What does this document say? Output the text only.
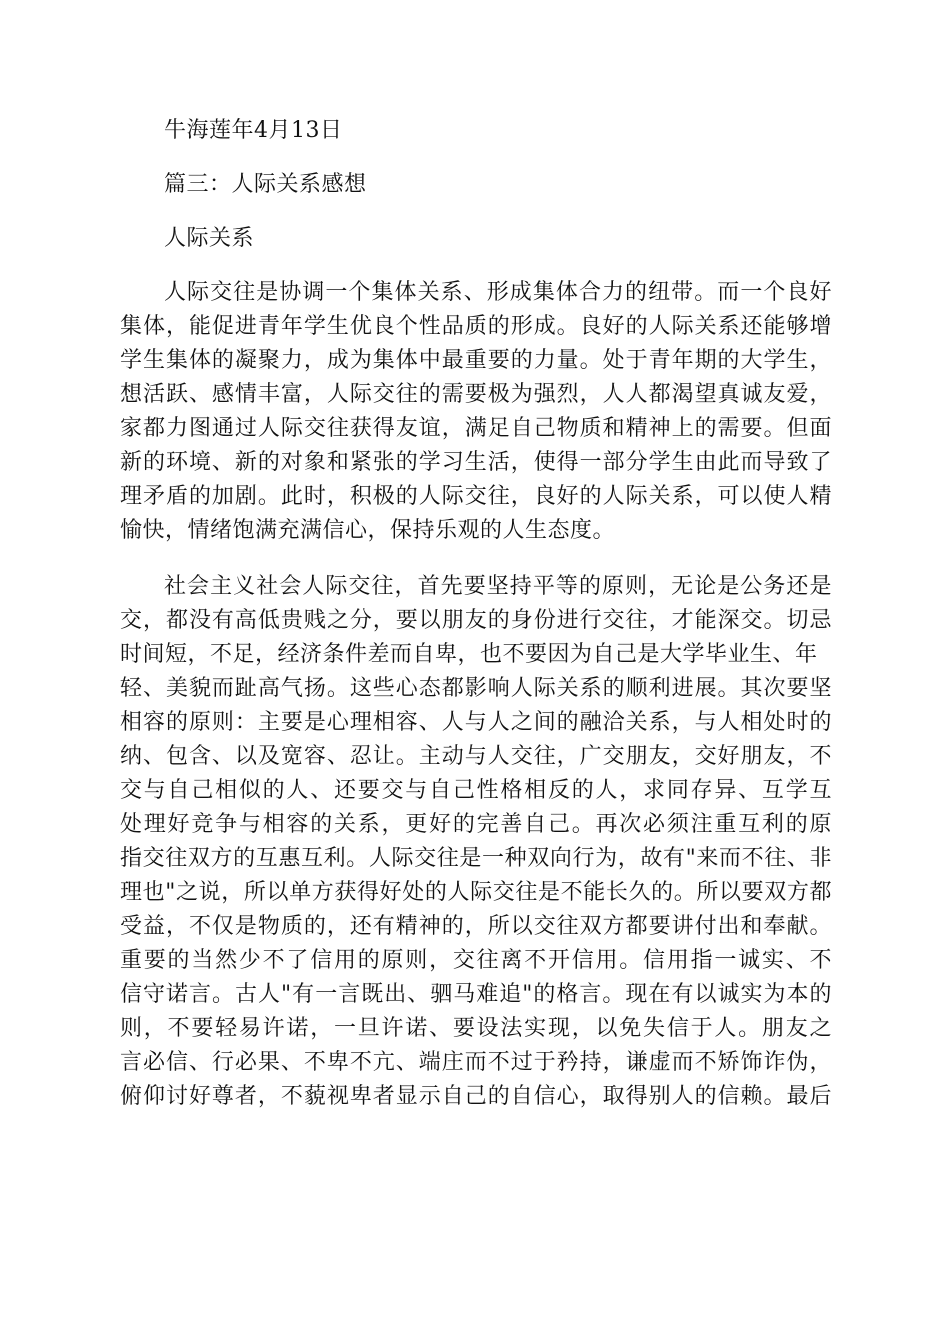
牛海莲年4月13日
篇三：人际关系感想
人际关系
人际交往是协调一个集体关系、形成集体合力的纽带。而一个良好
集体，能促进青年学生优良个性品质的形成。良好的人际关系还能够增
学生集体的凝聚力，成为集体中最重要的力量。处于青年期的大学生，
想活跃、感情丰富，人际交往的需要极为强烈，人人都渴望真诚友爱，
家都力图通过人际交往获得友谊，满足自己物质和精神上的需要。但面
新的环境、新的对象和紧张的学习生活，使得一部分学生由此而导致了
理矛盾的加剧。此时，积极的人际交往，良好的人际关系，可以使人精
愉快，情绪饱满充满信心，保持乐观的人生态度。
社会主义社会人际交往，首先要坚持平等的原则，无论是公务还是
交，都没有高低贵贱之分，要以朋友的身份进行交往，才能深交。切忌
时间短，不足，经济条件差而自卑，也不要因为自己是大学毕业生、年
轻、美貌而趾高气扬。这些心态都影响人际关系的顺利进展。其次要坚
相容的原则：主要是心理相容、人与人之间的融洽关系，与人相处时的
纳、包含、以及宽容、忍让。主动与人交往，广交朋友，交好朋友，不
交与自己相似的人、还要交与自己性格相反的人，求同存异、互学互
处理好竞争与相容的关系，更好的完善自己。再次必须注重互利的原
指交往双方的互惠互利。人际交往是一种双向行为，故有"来而不往、非
理也"之说，所以单方获得好处的人际交往是不能长久的。所以要双方都
受益，不仅是物质的，还有精神的，所以交往双方都要讲付出和奉献。
重要的当然少不了信用的原则，交往离不开信用。信用指一诚实、不
信守诺言。古人"有一言既出、驷马难追"的格言。现在有以诚实为本的
则，不要轻易许诺，一旦许诺、要设法实现，以免失信于人。朋友之
言必信、行必果、不卑不亢、端庄而不过于矜持，谦虚而不矫饰诈伪，
俯仰讨好尊者，不藐视卑者显示自己的自信心，取得别人的信赖。最后
